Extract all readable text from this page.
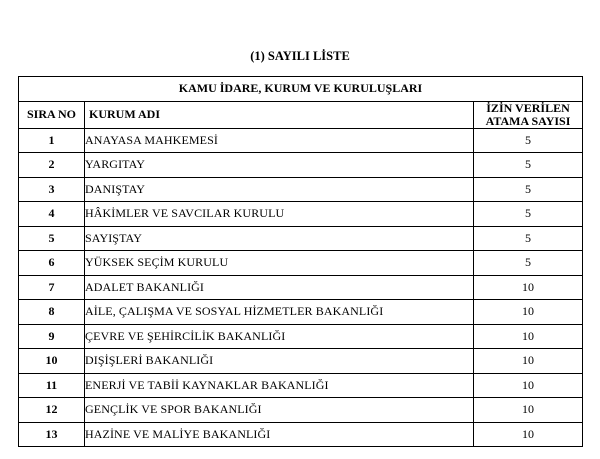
(1) SAYILI LİSTE
KAMU İDARE, KURUM VE KURULUŞLARI		
SIRA NO	KURUM ADI	İZİN VERİLEN
ATAMA SAYISI
1	ANAYASA MAHKEMESİ	5
2	YARGITAY	5
3	DANIŞTAY	5
4	HÂKİMLER VE SAVCILAR KURULU	5
5	SAYIŞTAY	5
6	YÜKSEK SEÇİM KURULU	5
7	ADALET BAKANLIĞI	10
8	AİLE, ÇALIŞMA VE SOSYAL HİZMETLER BAKANLIĞI	10
9	ÇEVRE VE ŞEHİRCİLİK BAKANLIĞI	10
10	DIŞİŞLERİ BAKANLIĞI	10
11	ENERJİ VE TABİİ KAYNAKLAR BAKANLIĞI	10
12	GENÇLİK VE SPOR BAKANLIĞI	10
13	HAZİNE VE MALİYE BAKANLIĞI	10
